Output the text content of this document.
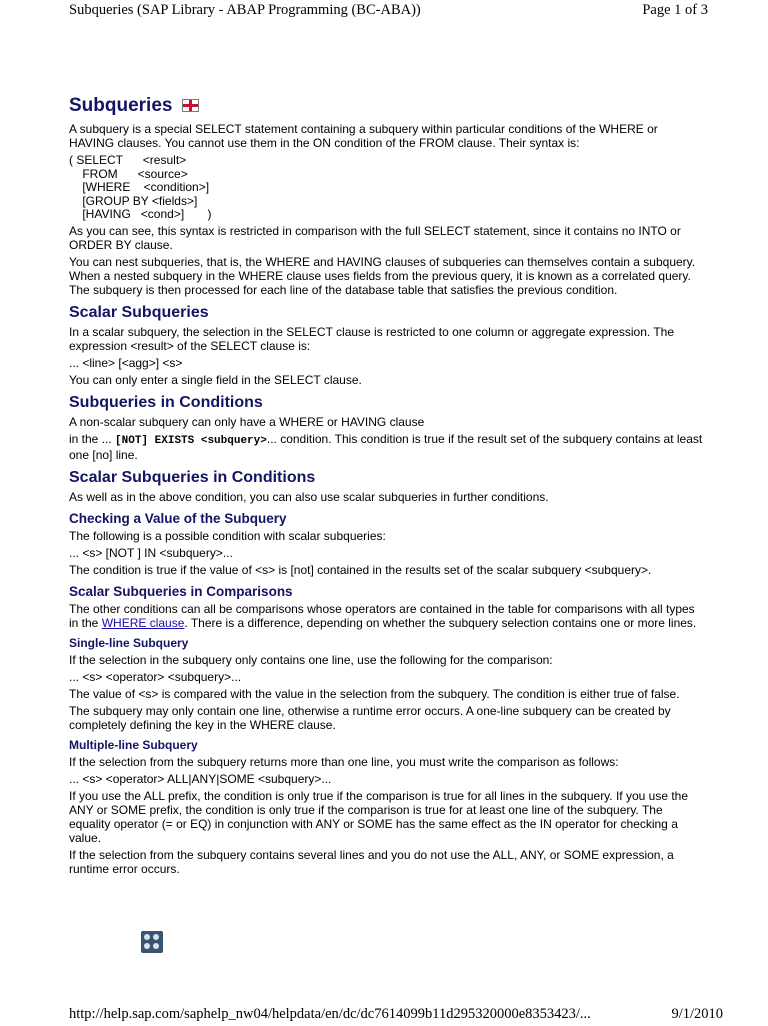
Subqueries (SAP Library - ABAP Programming (BC-ABA))	Page 1 of 3
Subqueries

A subquery is a special SELECT statement containing a subquery within particular conditions of the WHERE or HAVING clauses. You cannot use them in the ON condition of the FROM clause. Their syntax is:

( SELECT      <result>

FROM      <source>

[WHERE    <condition>]

[GROUP BY <fields>]

[HAVING   <cond>]       )

As you can see, this syntax is restricted in comparison with the full SELECT statement, since it contains no INTO or ORDER BY clause.

You can nest subqueries, that is, the WHERE and HAVING clauses of subqueries can themselves contain a subquery. When a nested subquery in the WHERE clause uses fields from the previous query, it is known as a correlated query. The subquery is then processed for each line of the database table that satisfies the previous condition.

Scalar Subqueries

In a scalar subquery, the selection in the SELECT clause is restricted to one column or aggregate expression. The expression <result> of the SELECT clause is:

... <line> [<agg>] <s>

You can only enter a single field in the SELECT clause.

Subqueries in Conditions

A non-scalar subquery can only have a WHERE or HAVING clause

in the ... [NOT] EXISTS <subquery>... condition. This condition is true if the result set of the subquery contains at least one [no] line.

Scalar Subqueries in Conditions

As well as in the above condition, you can also use scalar subqueries in further conditions.

Checking a Value of the Subquery

The following is a possible condition with scalar subqueries:

... <s> [NOT ] IN <subquery>...

The condition is true if the value of <s> is [not] contained in the results set of the scalar subquery <subquery>.

Scalar Subqueries in Comparisons

The other conditions can all be comparisons whose operators are contained in the table for comparisons with all types in the WHERE clause. There is a difference, depending on whether the subquery selection contains one or more lines.

Single-line Subquery

If the selection in the subquery only contains one line, use the following for the comparison:

... <s> <operator> <subquery>...

The value of <s> is compared with the value in the selection from the subquery. The condition is either true of false.

The subquery may only contain one line, otherwise a runtime error occurs. A one-line subquery can be created by completely defining the key in the WHERE clause.

Multiple-line Subquery

If the selection from the subquery returns more than one line, you must write the comparison as follows:

... <s> <operator> ALL|ANY|SOME <subquery>...

If you use the ALL prefix, the condition is only true if the comparison is true for all lines in the subquery. If you use the ANY or SOME prefix, the condition is only true if the comparison is true for at least one line of the subquery. The equality operator (= or EQ) in conjunction with ANY or SOME has the same effect as the IN operator for checking a value.

If the selection from the subquery contains several lines and you do not use the ALL, ANY, or SOME expression, a runtime error occurs.

http://help.sap.com/saphelp_nw04/helpdata/en/dc/dc7614099b11d295320000e8353423/...	9/1/2010
